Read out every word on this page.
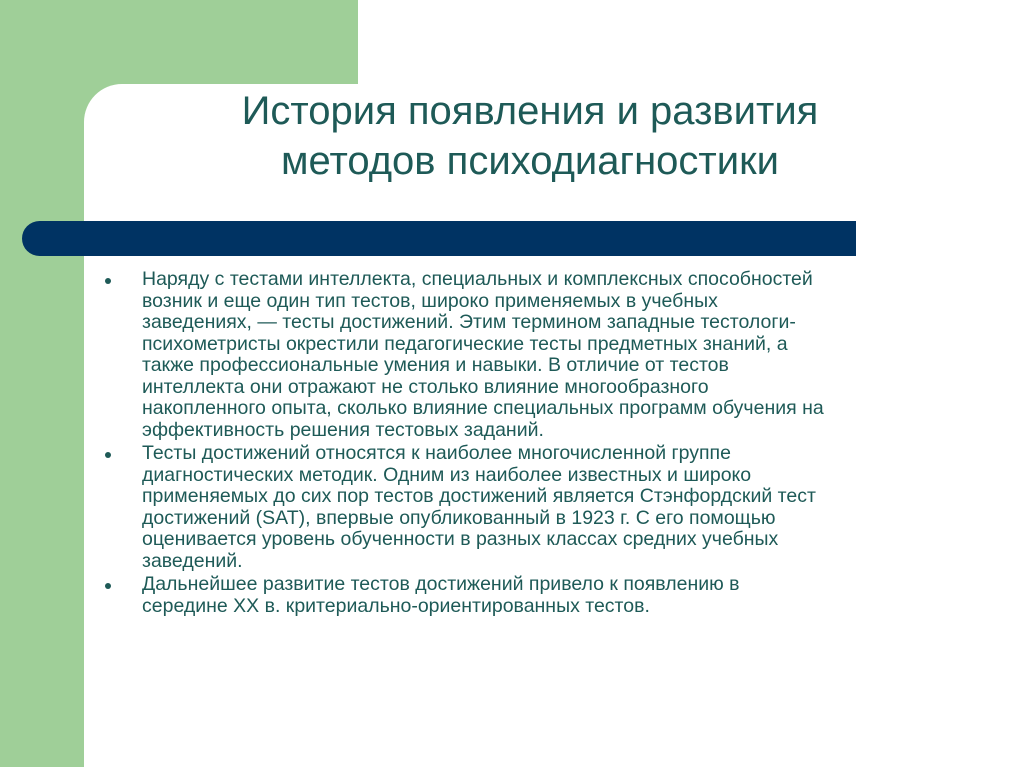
История появления и развития
методов психодиагностики
Наряду с тестами интеллекта, специальных и комплексных способностей
возник и еще один тип тестов, широко применяемых в учебных
заведениях, — тесты достижений. Этим термином западные тестологи-
психометристы окрестили педагогические тесты предметных знаний, а
также профессиональные умения и навыки. В отличие от тестов
интеллекта они отражают не столько влияние многообразного
накопленного опыта, сколько влияние специальных программ обучения на
эффективность решения тестовых заданий.
Тесты достижений относятся к наиболее многочисленной группе
диагностических методик. Одним из наиболее известных и широко
применяемых до сих пор тестов достижений является Стэнфордский тест
достижений (SAT), впервые опубликованный в 1923 г. С его помощью
оценивается уровень обученности в разных классах средних учебных
заведений.
Дальнейшее развитие тестов достижений привело к появлению в
середине XX в. критериально-ориентированных тестов.
